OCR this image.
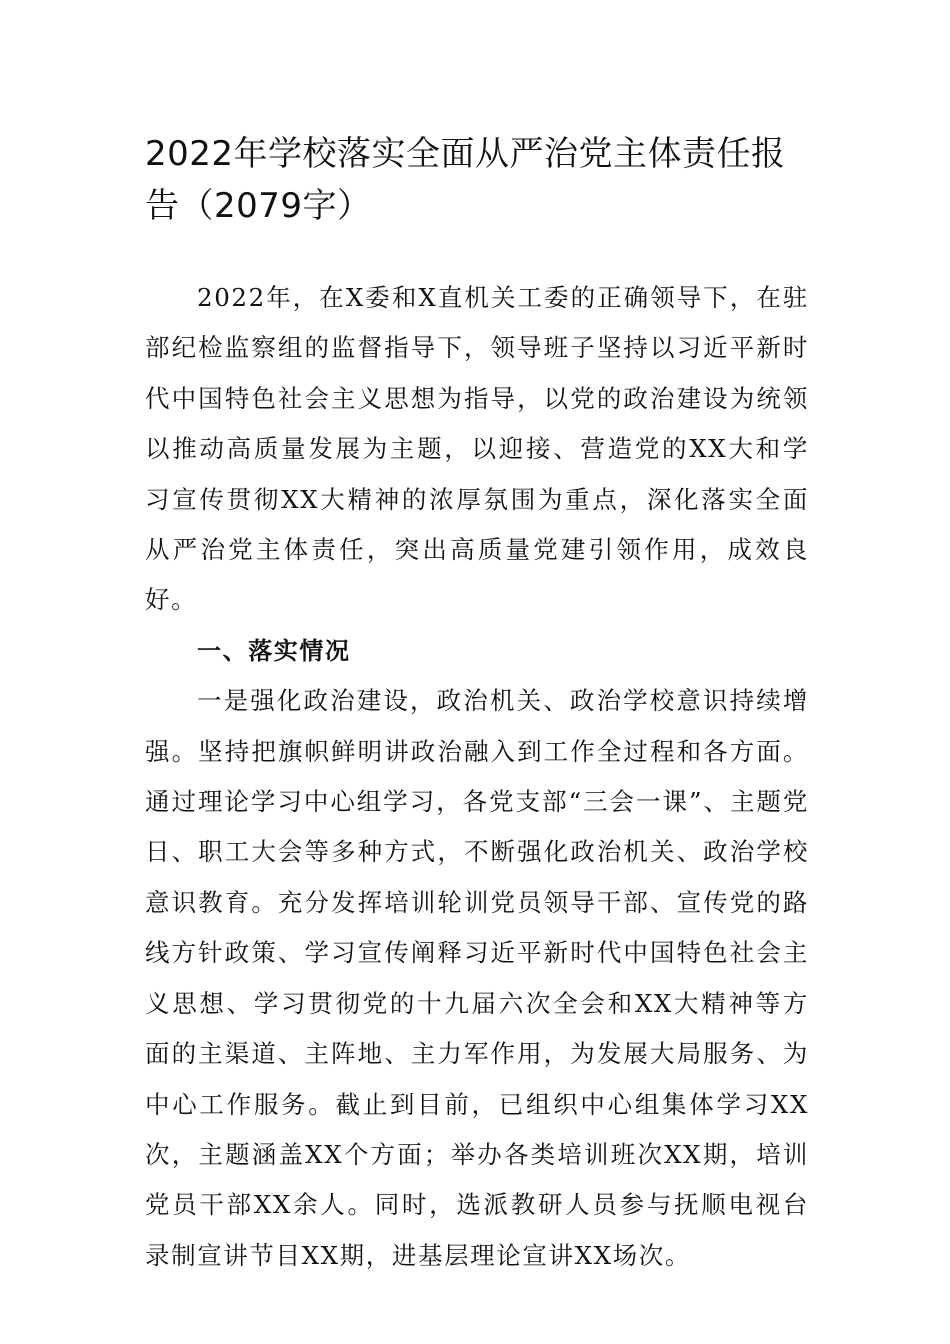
2022年学校落实全面从严治党主体责任报告（2079字）

2022年，在X委和X直机关工委的正确领导下，在驻部纪检监察组的监督指导下，领导班子坚持以习近平新时代中国特色社会主义思想为指导，以党的政治建设为统领以推动高质量发展为主题，以迎接、营造党的XX大和学习宣传贯彻XX大精神的浓厚氛围为重点，深化落实全面从严治党主体责任，突出高质量党建引领作用，成效良好。

一、落实情况

一是强化政治建设，政治机关、政治学校意识持续增强。坚持把旗帜鲜明讲政治融入到工作全过程和各方面。通过理论学习中心组学习，各党支部“三会一课”、主题党日、职工大会等多种方式，不断强化政治机关、政治学校意识教育。充分发挥培训轮训党员领导干部、宣传党的路线方针政策、学习宣传阐释习近平新时代中国特色社会主义思想、学习贯彻党的十九届六次全会和XX大精神等方面的主渠道、主阵地、主力军作用，为发展大局服务、为中心工作服务。截止到目前，已组织中心组集体学习XX次，主题涵盖XX个方面；举办各类培训班次XX期，培训党员干部XX余人。同时，选派教研人员参与抚顺电视台录制宣讲节目XX期，进基层理论宣讲XX场次。
